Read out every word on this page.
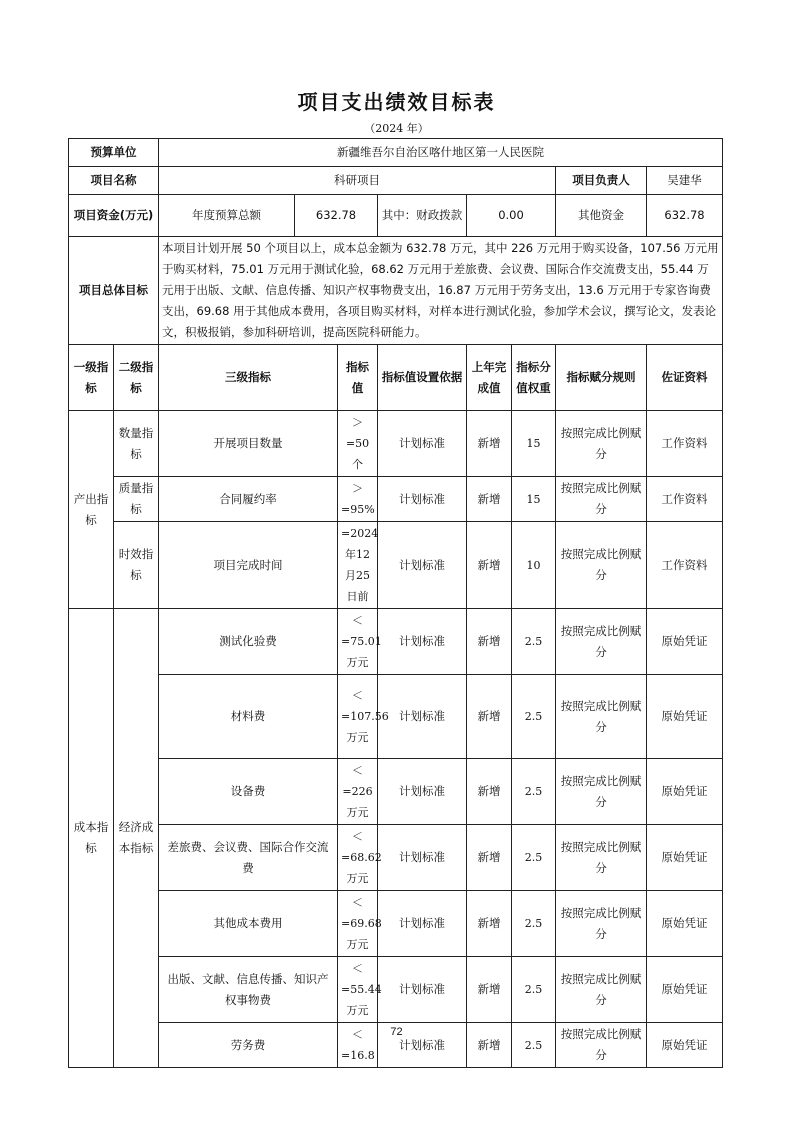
项目支出绩效目标表
（2024 年）
预算单位		新疆维吾尔自治区喀什地区第一人民医院							
项目名称		科研项目						项目负责人	吴建华
项目资金(万元)		年度预算总额	632.78		其中：财政拨款	0.00		其他资金	632.78
项目总体目标		本项目计划开展 50 个项目以上，成本总金额为 632.78 万元，其中 226 万元用于购买设备，107.56 万元用于购买材料，75.01 万元用于测试化验，68.62 万元用于差旅费、会议费、国际合作交流费支出，55.44 万元用于出版、文献、信息传播、知识产权事物费支出，16.87 万元用于劳务支出，13.6 万元用于专家咨询费支出，69.68 用于其他成本费用，各项目购买材料，对样本进行测试化验，参加学术会议，撰写论文，发表论文，积极报销，参加科研培训，提高医院科研能力。							
一级指标	二级指标	三级指标		指标值	指标值设置依据	上年完成值	指标分值权重	指标赋分规则	佐证资料
产出指标	数量指标	开展项目数量		＞=50个	计划标准	新增	15	按照完成比例赋分	工作资料
	质量指标	合同履约率		＞=95%	计划标准	新增	15	按照完成比例赋分	工作资料
	时效指标	项目完成时间		=2024年12月25日前	计划标准	新增	10	按照完成比例赋分	工作资料
成本指标	经济成本指标	测试化验费		＜=75.01万元	计划标准	新增	2.5	按照完成比例赋分	原始凭证
		材料费		＜=107.56万元	计划标准	新增	2.5	按照完成比例赋分	原始凭证
		设备费		＜=226万元	计划标准	新增	2.5	按照完成比例赋分	原始凭证
		差旅费、会议费、国际合作交流费		＜=68.62万元	计划标准	新增	2.5	按照完成比例赋分	原始凭证
		其他成本费用		＜=69.68万元	计划标准	新增	2.5	按照完成比例赋分	原始凭证
		出版、文献、信息传播、知识产权事物费		＜=55.44万元	计划标准	新增	2.5	按照完成比例赋分	原始凭证
		劳务费		＜=16.8	计划标准	新增	2.5	按照完成比例赋分	原始凭证
72
